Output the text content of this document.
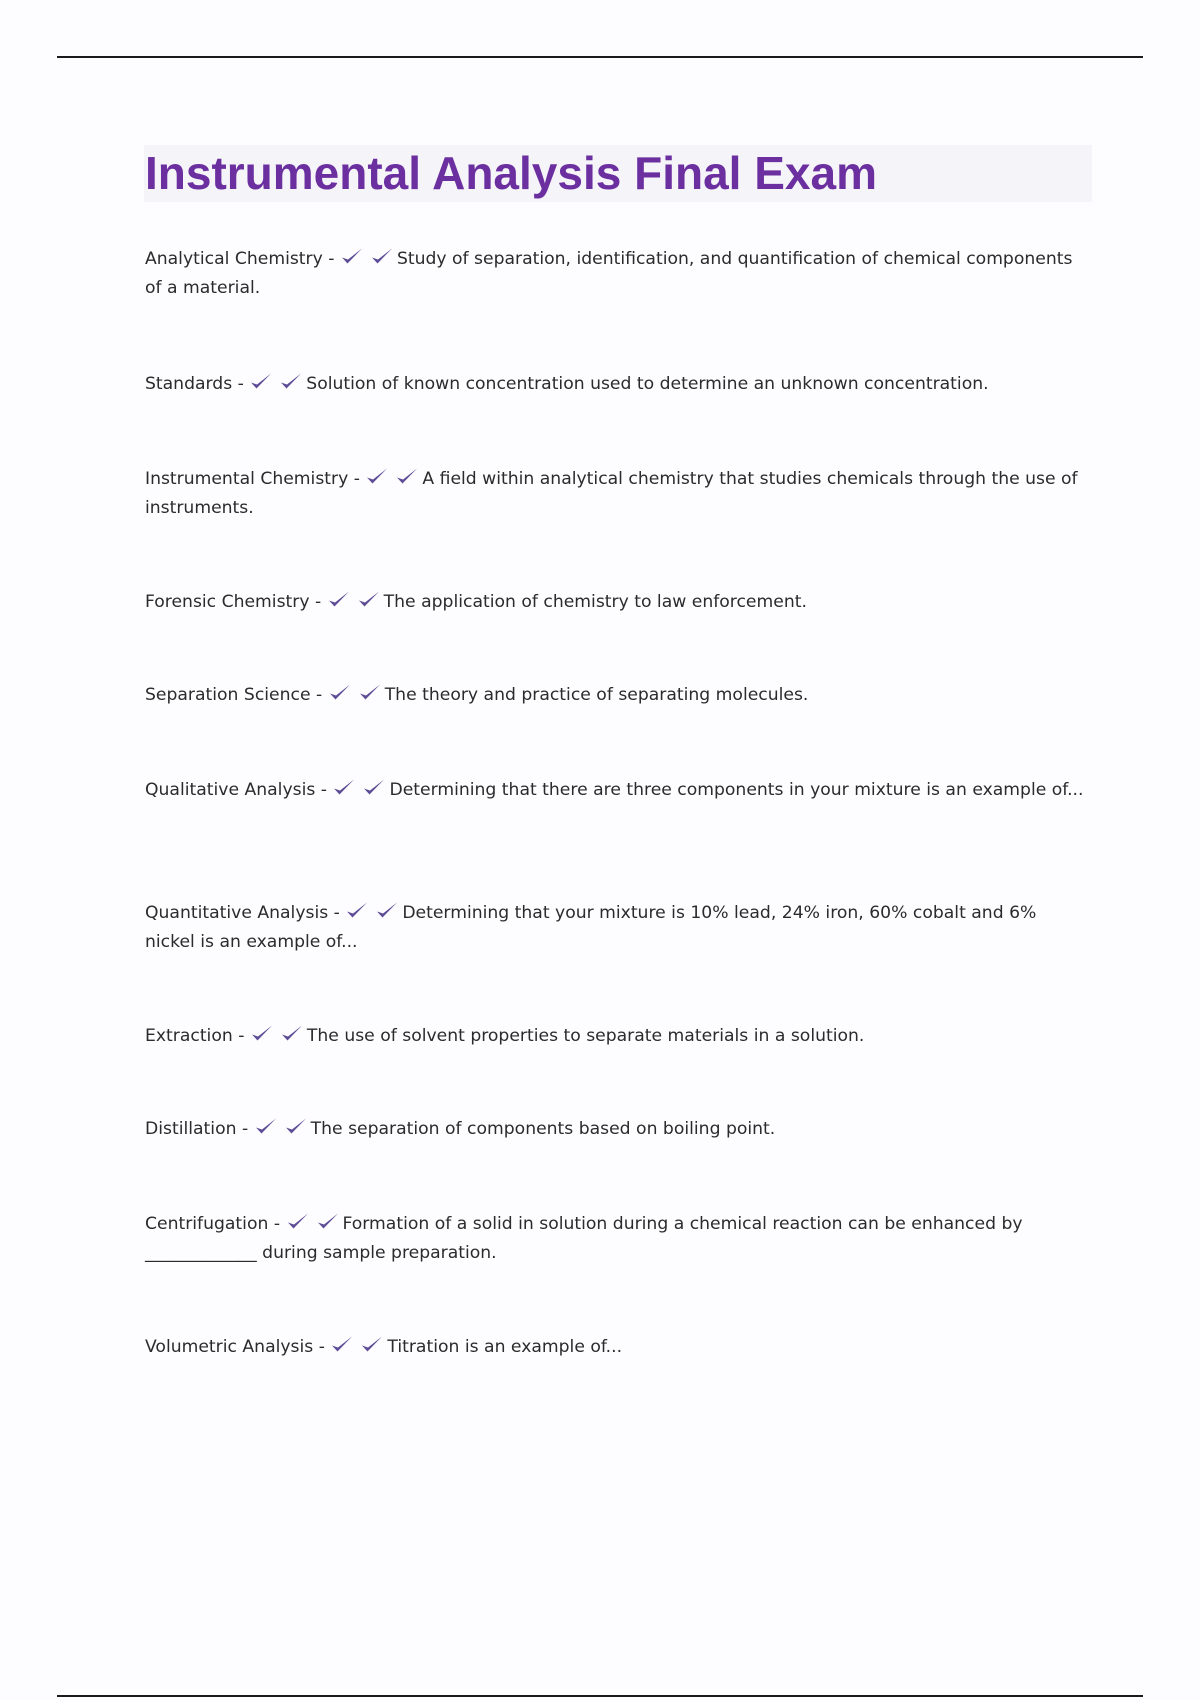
Instrumental Analysis Final Exam
Analytical Chemistry -	Study of separation, identification, and quantification of chemical components of a material.
Standards -	Solution of known concentration used to determine an unknown concentration.
Instrumental Chemistry -	A field within analytical chemistry that studies chemicals through the use of instruments.
Forensic Chemistry -	The application of chemistry to law enforcement.
Separation Science -	The theory and practice of separating molecules.
Qualitative Analysis -	Determining that there are three components in your mixture is an example of...
Quantitative Analysis -	Determining that your mixture is 10% lead, 24% iron, 60% cobalt and 6% nickel is an example of...
Extraction -	The use of solvent properties to separate materials in a solution.
Distillation -	The separation of components based on boiling point.
Centrifugation -	Formation of a solid in solution during a chemical reaction can be enhanced by _____________ during sample preparation.
Volumetric Analysis -	Titration is an example of...
